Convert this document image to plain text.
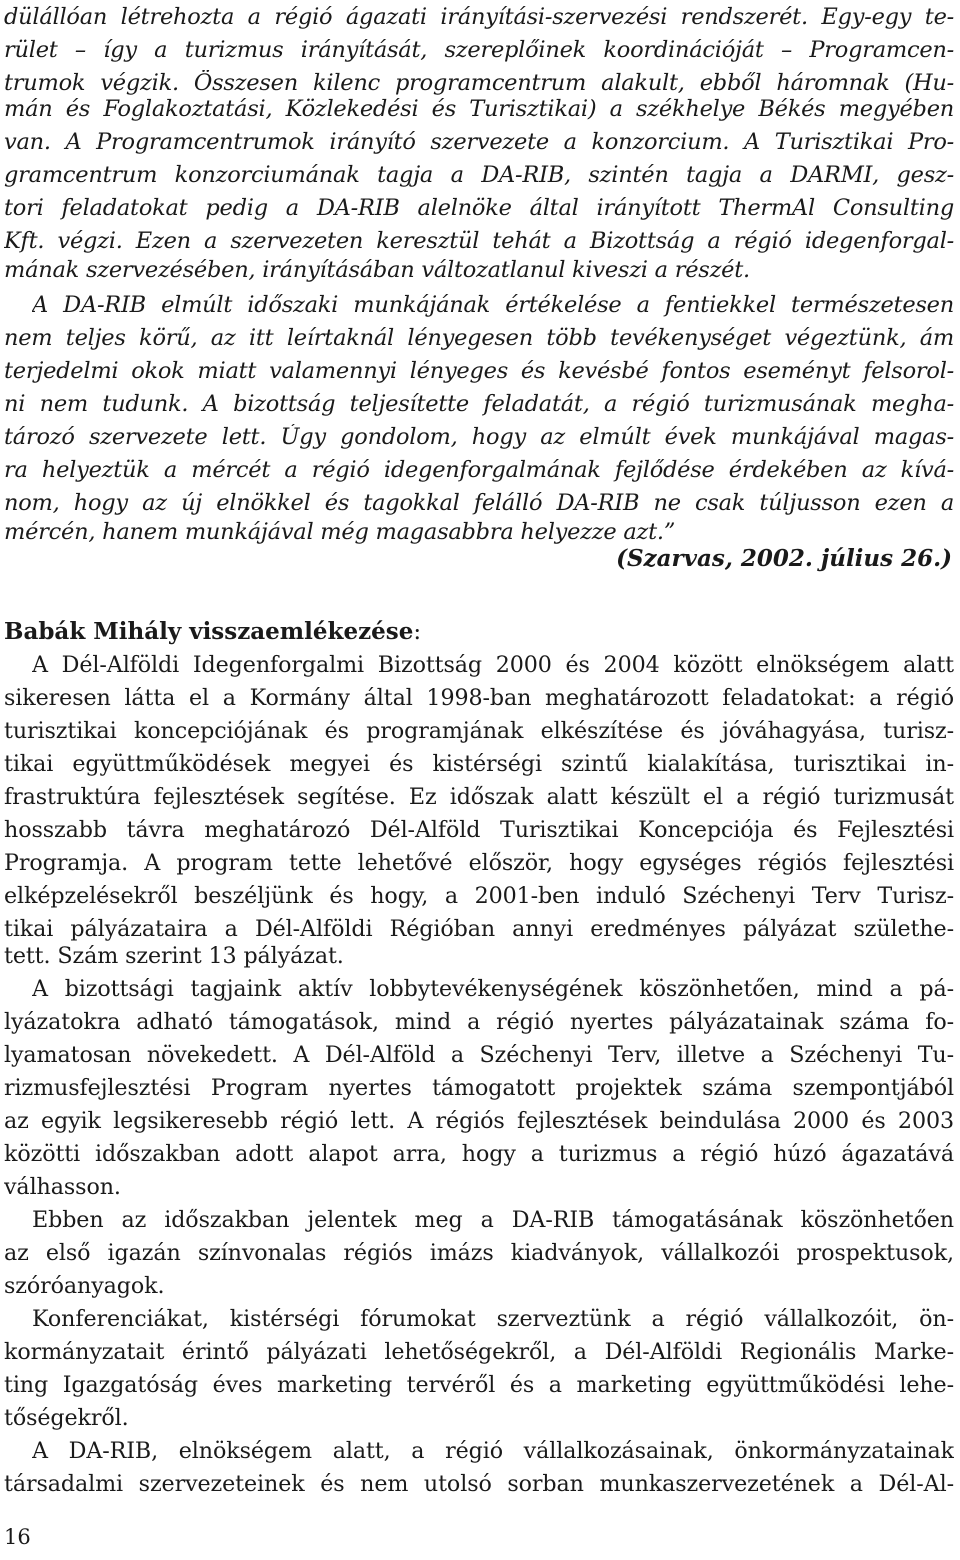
dülállóan létrehozta a régió ágazati irányítási-szervezési rendszerét. Egy-egy te-
rület – így a turizmus irányítását, szereplőinek koordinációját – Programcen-
trumok végzik. Összesen kilenc programcentrum alakult, ebből háromnak (Hu-
mán és Foglakoztatási, Közlekedési és Turisztikai) a székhelye Békés megyében
van. A Programcentrumok irányító szervezete a konzorcium. A Turisztikai Pro-
gramcentrum konzorciumának tagja a DA-RIB, szintén tagja a DARMI, gesz-
tori feladatokat pedig a DA-RIB alelnöke által irányított ThermAl Consulting
Kft. végzi. Ezen a szervezeten keresztül tehát a Bizottság a régió idegenforgal-
mának szervezésében, irányításában változatlanul kiveszi a részét.
A DA-RIB elmúlt időszaki munkájának értékelése a fentiekkel természetesen
nem teljes körű, az itt leírtaknál lényegesen több tevékenységet végeztünk, ám
terjedelmi okok miatt valamennyi lényeges és kevésbé fontos eseményt felsorol-
ni nem tudunk. A bizottság teljesítette feladatát, a régió turizmusának megha-
tározó szervezete lett. Úgy gondolom, hogy az elmúlt évek munkájával magas-
ra helyeztük a mércét a régió idegenforgalmának fejlődése érdekében az kívá-
nom, hogy az új elnökkel és tagokkal felálló DA-RIB ne csak túljusson ezen a
mércén, hanem munkájával még magasabbra helyezze azt.”
(Szarvas, 2002. július 26.)
Babák Mihály visszaemlékezése:
A Dél-Alföldi Idegenforgalmi Bizottság 2000 és 2004 között elnökségem alatt
sikeresen látta el a Kormány által 1998-ban meghatározott feladatokat: a régió
turisztikai koncepciójának és programjának elkészítése és jóváhagyása, turisz-
tikai együttműködések megyei és kistérségi szintű kialakítása, turisztikai in-
frastruktúra fejlesztések segítése. Ez időszak alatt készült el a régió turizmusát
hosszabb távra meghatározó Dél-Alföld Turisztikai Koncepciója és Fejlesztési
Programja. A program tette lehetővé először, hogy egységes régiós fejlesztési
elképzelésekről beszéljünk és hogy, a 2001-ben induló Széchenyi Terv Turisz-
tikai pályázataira a Dél-Alföldi Régióban annyi eredményes pályázat születhe-
tett. Szám szerint 13 pályázat.
A bizottsági tagjaink aktív lobbytevékenységének köszönhetően, mind a pá-
lyázatokra adható támogatások, mind a régió nyertes pályázatainak száma fo-
lyamatosan növekedett. A Dél-Alföld a Széchenyi Terv, illetve a Széchenyi Tu-
rizmusfejlesztési Program nyertes támogatott projektek száma szempontjából
az egyik legsikeresebb régió lett. A régiós fejlesztések beindulása 2000 és 2003
közötti időszakban adott alapot arra, hogy a turizmus a régió húzó ágazatává
válhasson.
Ebben az időszakban jelentek meg a DA-RIB támogatásának köszönhetően
az első igazán színvonalas régiós imázs kiadványok, vállalkozói prospektusok,
szóróanyagok.
Konferenciákat, kistérségi fórumokat szerveztünk a régió vállalkozóit, ön-
kormányzatait érintő pályázati lehetőségekről, a Dél-Alföldi Regionális Marke-
ting Igazgatóság éves marketing tervéről és a marketing együttműködési lehe-
tőségekről.
A DA-RIB, elnökségem alatt, a régió vállalkozásainak, önkormányzatainak
társadalmi szervezeteinek és nem utolsó sorban munkaszervezetének a Dél-Al-
16
